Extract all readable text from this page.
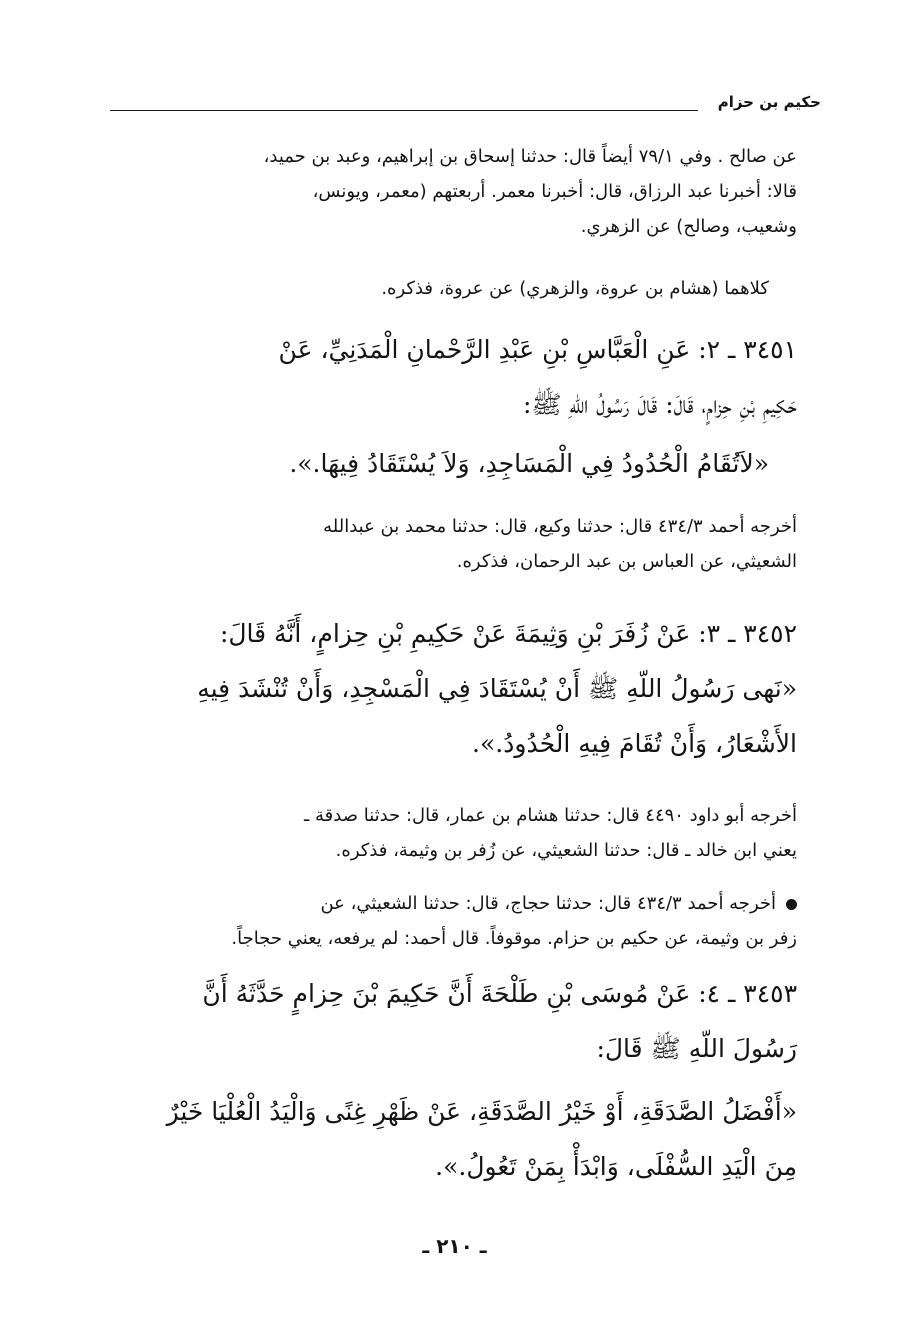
حكيم بن حزام
عن صالح . وفي ٧٩/١ أيضاً قال: حدثنا إسحاق بن إبراهيم، وعبد بن حميد،
قالا: أخبرنا عبد الرزاق، قال: أخبرنا معمر. أربعتهم (معمر، ويونس،
وشعيب، وصالح) عن الزهري.
كلاهما (هشام بن عروة، والزهري) عن عروة، فذكره.
٣٤٥١ ـ ٢: عَنِ الْعَبَّاسِ بْنِ عَبْدِ الرَّحْمانِ الْمَدَنِيِّ، عَنْ
حَكِيمِ بْنِ حِزامٍ، قَالَ: قَالَ رَسُولُ اللّهِ ﷺ:
«لاَتُقَامُ الْحُدُودُ فِي الْمَسَاجِدِ، وَلاَ يُسْتَقَادُ فِيهَا.».
أخرجه أحمد ٤٣٤/٣ قال: حدثنا وكيع، قال: حدثنا محمد بن عبدالله
الشعيثي، عن العباس بن عبد الرحمان، فذكره.
٣٤٥٢ ـ ٣: عَنْ زُفَرَ بْنِ وَثِيمَةَ عَنْ حَكِيمِ بْنِ حِزامٍ، أَنَّهُ قَالَ:
«نَهى رَسُولُ اللّهِ ﷺ أَنْ يُسْتَقَادَ فِي الْمَسْجِدِ، وَأَنْ تُنْشَدَ فِيهِ
الأَشْعَارُ، وَأَنْ تُقَامَ فِيهِ الْحُدُودُ.».
أخرجه أبو داود ٤٤٩٠ قال: حدثنا هشام بن عمار، قال: حدثنا صدقة ـ
يعني ابن خالد ـ قال: حدثنا الشعيثي، عن زُفر بن وثيمة، فذكره.
أخرجه أحمد ٤٣٤/٣ قال: حدثنا حجاج، قال: حدثنا الشعيثي، عن
زفر بن وثيمة، عن حكيم بن حزام. موقوفاً. قال أحمد: لم يرفعه، يعني حجاجاً.
٣٤٥٣ ـ ٤: عَنْ مُوسَى بْنِ طَلْحَةَ أَنَّ حَكِيمَ بْنَ حِزامٍ حَدَّثَهُ أَنَّ
رَسُولَ اللّهِ ﷺ قَالَ:
«أَفْضَلُ الصَّدَقَةِ، أَوْ خَيْرُ الصَّدَقَةِ، عَنْ ظَهْرِ غِنًى وَالْيَدُ الْعُلْيَا خَيْرٌ
مِنَ الْيَدِ السُّفْلَى، وَابْدَأْ بِمَنْ تَعُولُ.».
ـ ٢١٠ ـ
